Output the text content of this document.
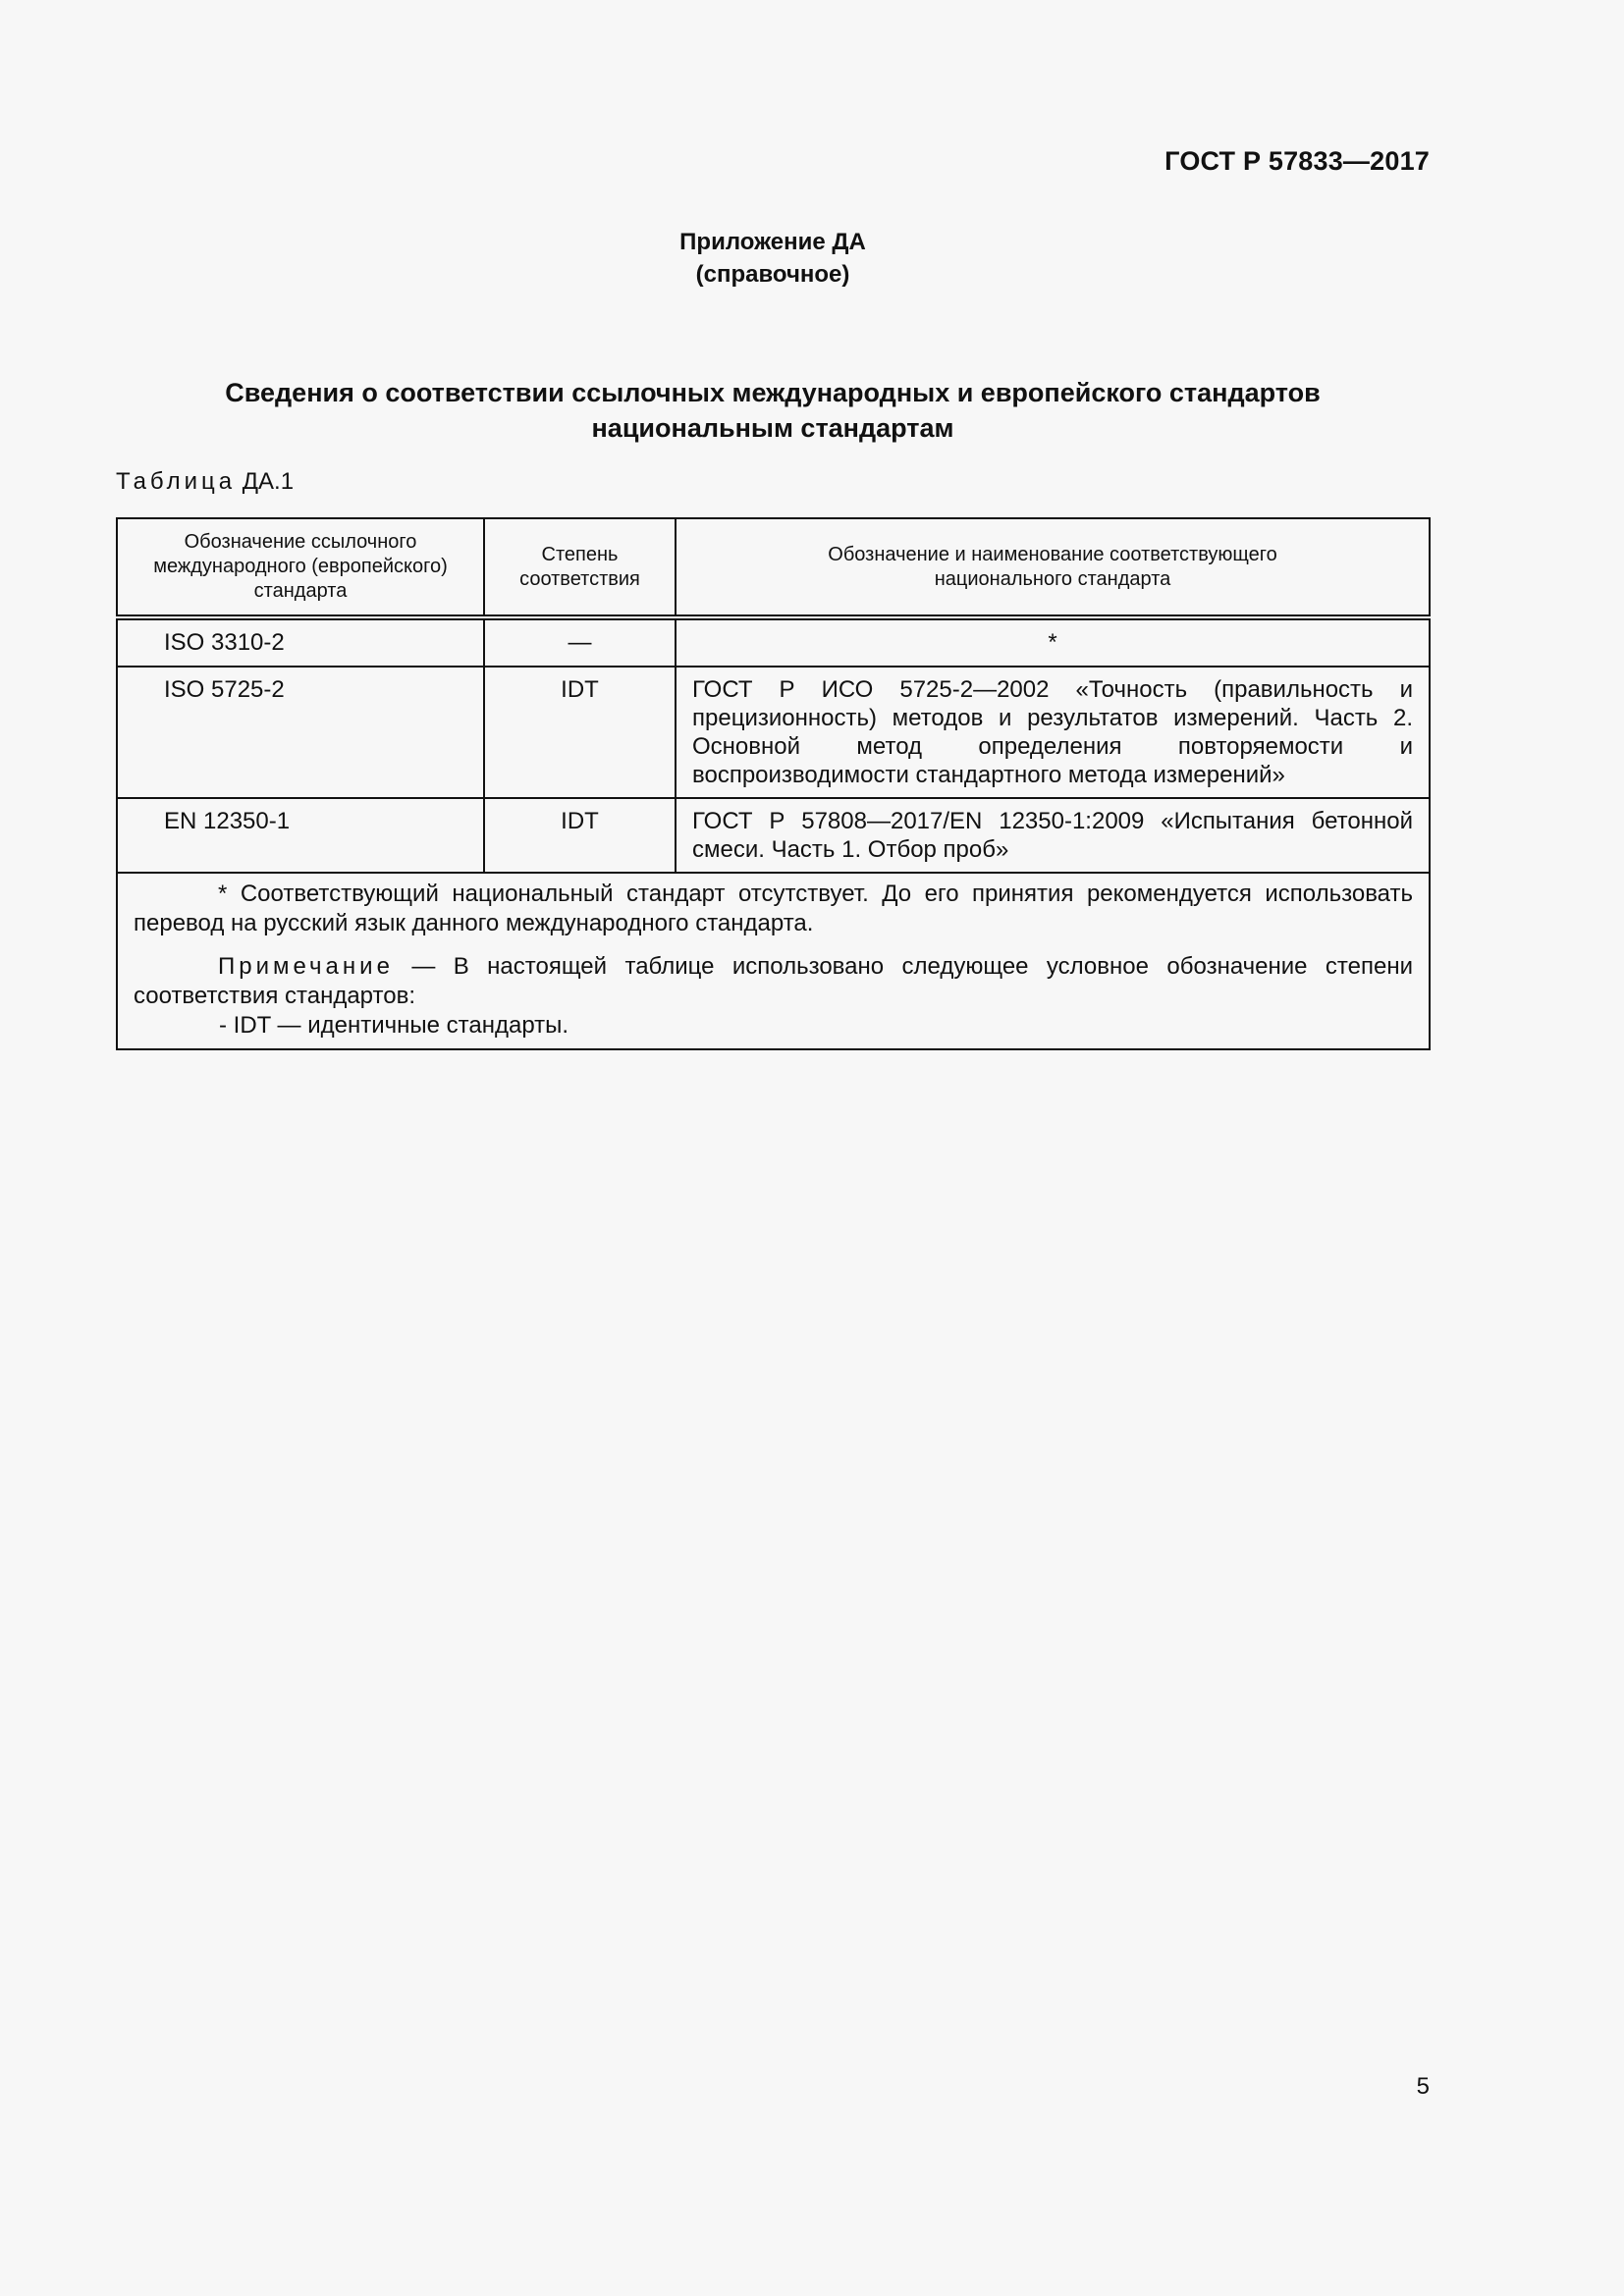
ГОСТ Р 57833—2017
Приложение ДА
(справочное)
Сведения о соответствии ссылочных международных и европейского стандартов
национальным стандартам
Таблица ДА.1
Обозначение ссылочного международного (европейского) стандарта	Степень соответствия	Обозначение и наименование соответствующего национального стандарта
ISO 3310-2	—	*
ISO 5725-2	IDT	ГОСТ Р ИСО 5725-2—2002 «Точность (правильность и прецизионность) методов и результатов измерений. Часть 2. Основной метод определения повторяемости и воспроизводимости стандартного метода измерений»
EN 12350-1	IDT	ГОСТ Р 57808—2017/EN 12350-1:2009 «Испытания бетонной смеси. Часть 1. Отбор проб»

* Соответствующий национальный стандарт отсутствует. До его принятия рекомендуется использовать перевод на русский язык данного международного стандарта.

Примечание — В настоящей таблице использовано следующее условное обозначение степени соответствия стандартов:

- IDT — идентичные стандарты.		

5
